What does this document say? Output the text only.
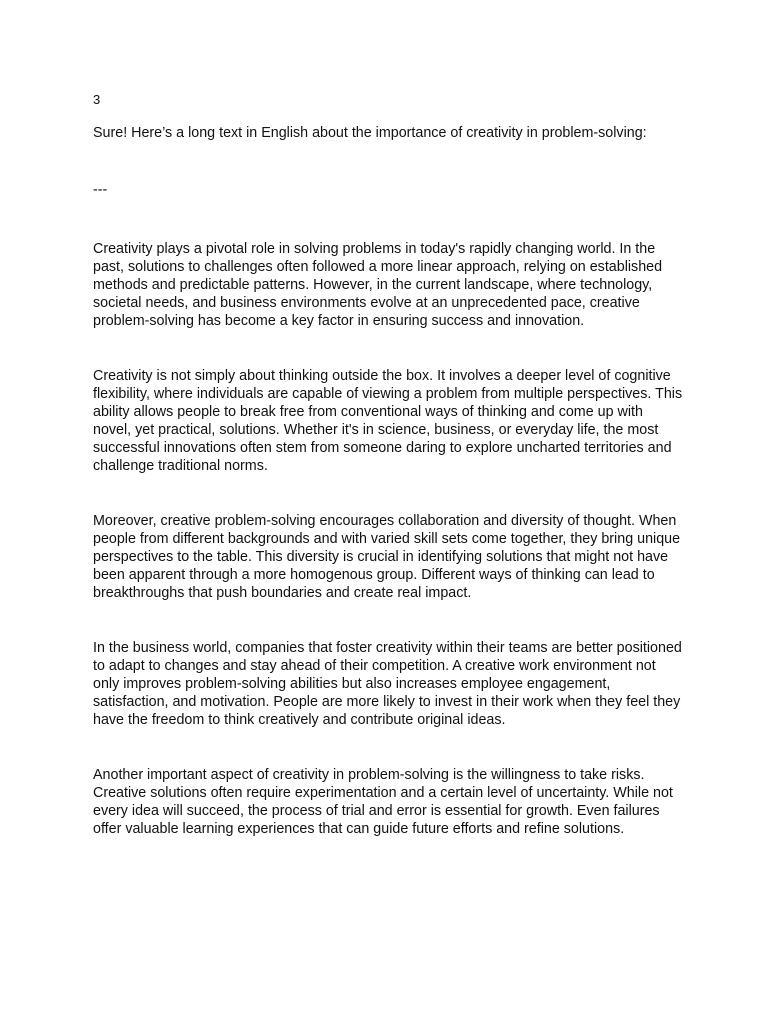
3

Sure! Here’s a long text in English about the importance of creativity in problem-solving:

---

Creativity plays a pivotal role in solving problems in today's rapidly changing world. In the past, solutions to challenges often followed a more linear approach, relying on established methods and predictable patterns. However, in the current landscape, where technology, societal needs, and business environments evolve at an unprecedented pace, creative problem-solving has become a key factor in ensuring success and innovation.

Creativity is not simply about thinking outside the box. It involves a deeper level of cognitive flexibility, where individuals are capable of viewing a problem from multiple perspectives. This ability allows people to break free from conventional ways of thinking and come up with novel, yet practical, solutions. Whether it's in science, business, or everyday life, the most successful innovations often stem from someone daring to explore uncharted territories and challenge traditional norms.

Moreover, creative problem-solving encourages collaboration and diversity of thought. When people from different backgrounds and with varied skill sets come together, they bring unique perspectives to the table. This diversity is crucial in identifying solutions that might not have been apparent through a more homogenous group. Different ways of thinking can lead to breakthroughs that push boundaries and create real impact.

In the business world, companies that foster creativity within their teams are better positioned to adapt to changes and stay ahead of their competition. A creative work environment not only improves problem-solving abilities but also increases employee engagement, satisfaction, and motivation. People are more likely to invest in their work when they feel they have the freedom to think creatively and contribute original ideas.

Another important aspect of creativity in problem-solving is the willingness to take risks. Creative solutions often require experimentation and a certain level of uncertainty. While not every idea will succeed, the process of trial and error is essential for growth. Even failures offer valuable learning experiences that can guide future efforts and refine solutions.
